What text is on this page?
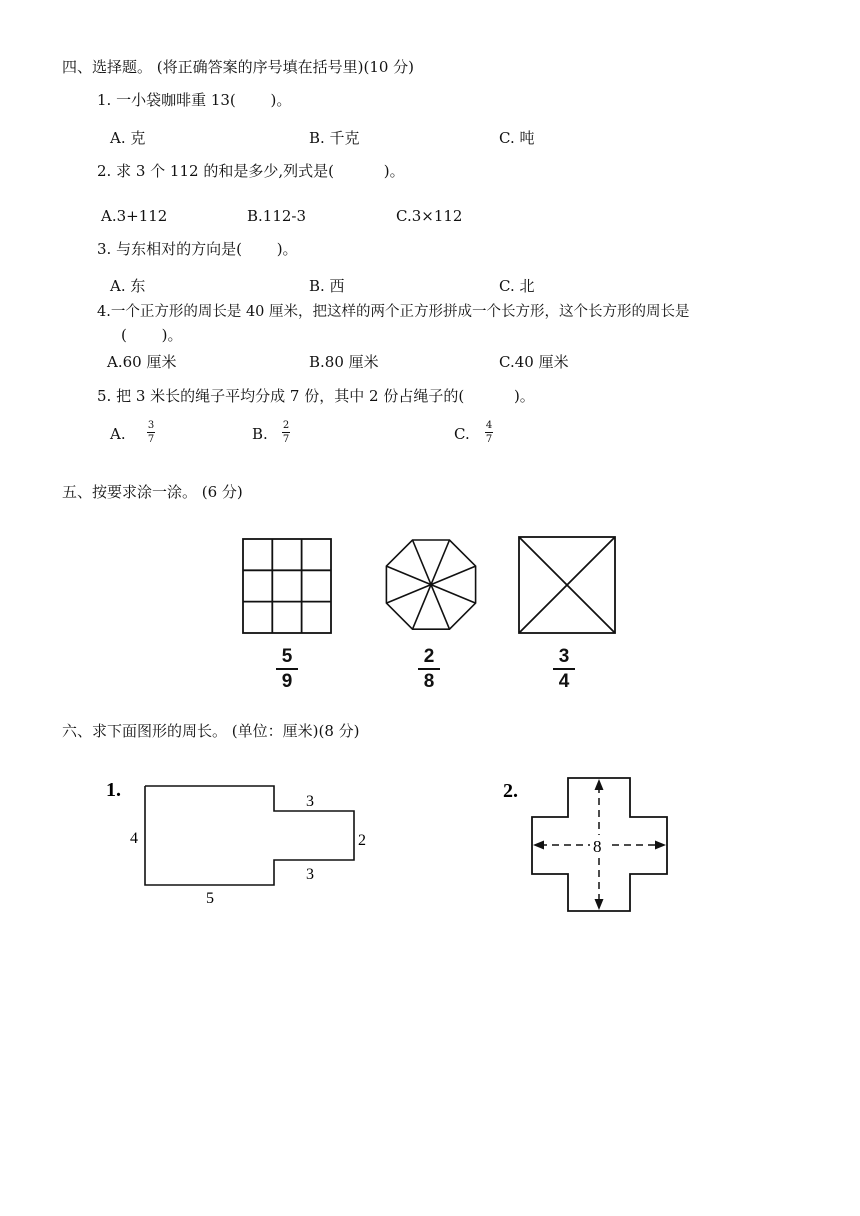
四、选择题。 (将正确答案的序号填在括号里)(10 分)
1. 一小袋咖啡重 13(　　 )。
A. 克	B. 千克	C. 吨
2. 求 3 个 112 的和是多少,列式是(　　　 )。
A.3+112	B.112-3	C.3×112
3. 与东相对的方向是(　　 )。
A. 东	B. 西	C. 北
4.一个正方形的周长是 40 厘米，把这样的两个正方形拼成一个长方形，这个长方形的周长是
(　　 )。
A.60 厘米	B.80 厘米	C.40 厘米
5. 把 3 米长的绳子平均分成 7 份，其中 2 份占绳子的(　　　 )。
A. 3
7	B. 2
7	C. 4
7
五、按要求涂一涂。 (6 分)
5
9
2
8
3
4
六、求下面图形的周长。 (单位：厘米)(8 分)
1.
4
5
3
2
3
2.
8
